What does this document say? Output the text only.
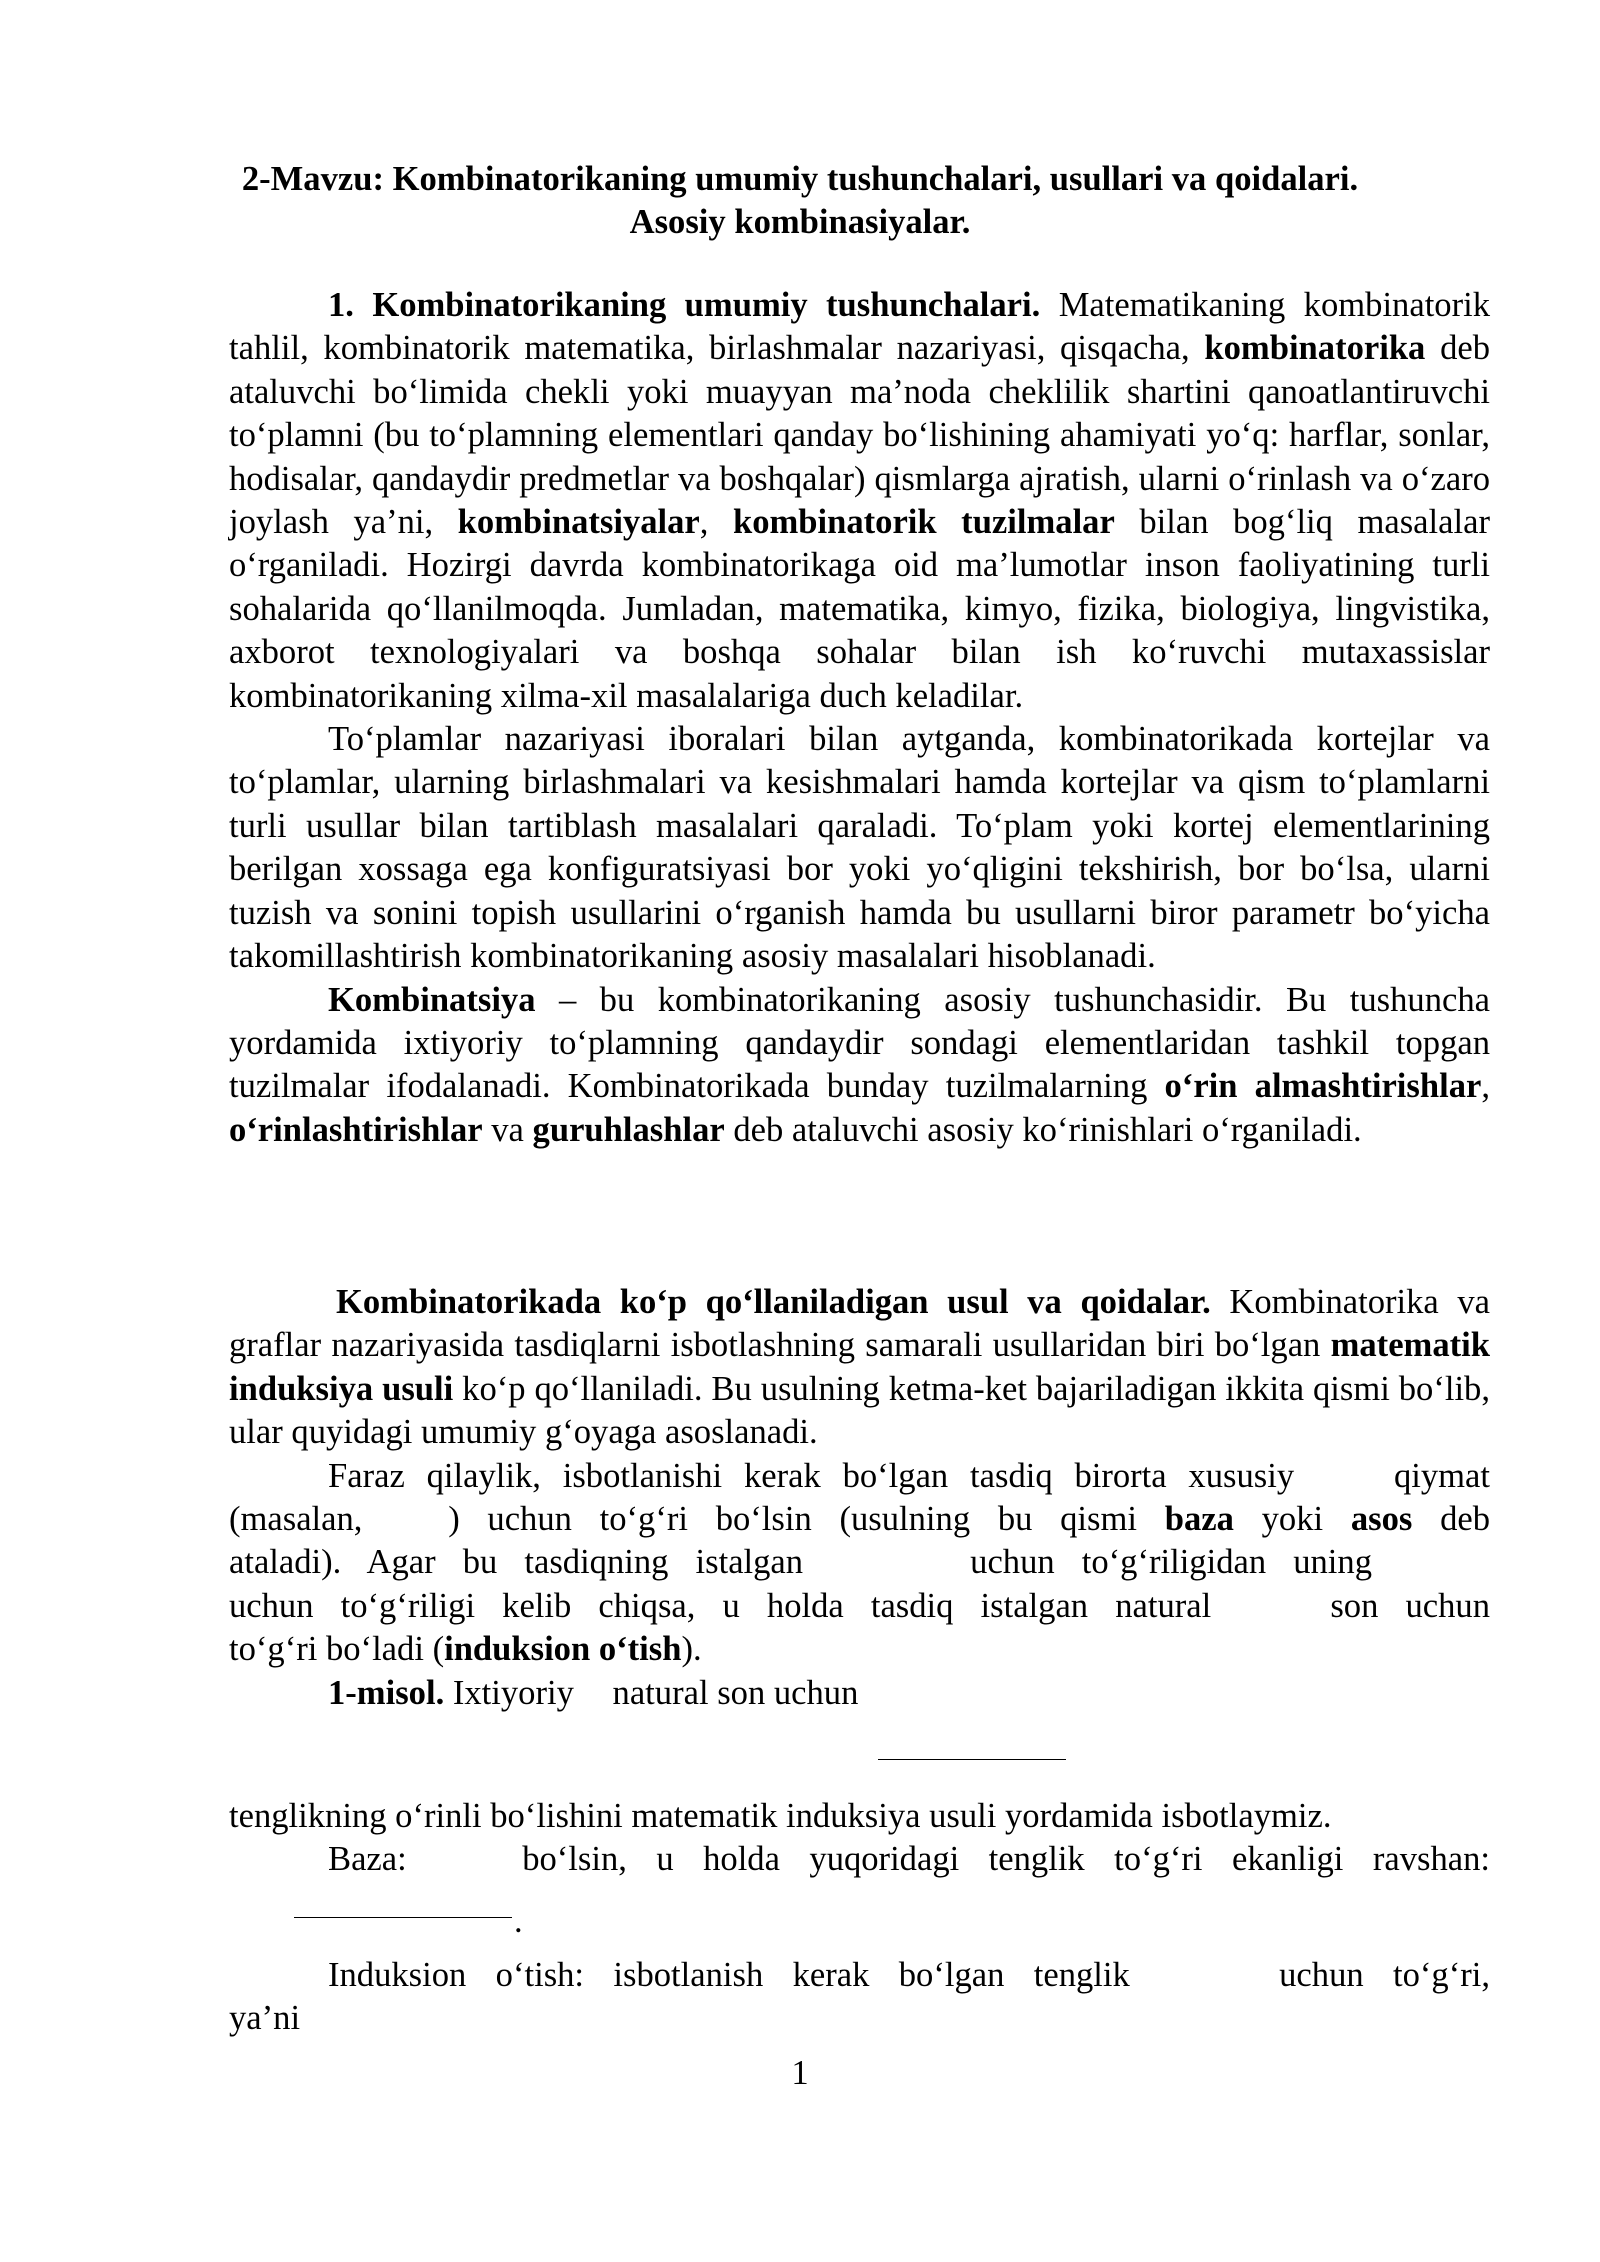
2-Mavzu: Kombinatorikaning umumiy tushunchalari, usullari va qoidalari.

Asosiy kombinasiyalar.

1. Kombinatorikaning umumiy tushunchalari. Matematikaning kombinatorik tahlil, kombinatorik matematika, birlashmalar nazariyasi, qisqacha, kombinatorika deb ataluvchi bo‘limida chekli yoki muayyan ma’noda cheklilik shartini qanoatlantiruvchi to‘plamni (bu to‘plamning elementlari qanday bo‘lishining ahamiyati yo‘q: harflar, sonlar, hodisalar, qandaydir predmetlar va boshqalar) qismlarga ajratish, ularni o‘rinlash va o‘zaro joylash ya’ni, kombinatsiyalar, kombinatorik tuzilmalar bilan bog‘liq masalalar o‘rganiladi. Hozirgi davrda kombinatorikaga oid ma’lumotlar inson faoliyatining turli sohalarida qo‘llanilmoqda. Jumladan, matematika, kimyo, fizika, biologiya, lingvistika, axborot texnologiyalari va boshqa sohalar bilan ish ko‘ruvchi mutaxassislar kombinatorikaning xilma-xil masalalariga duch keladilar.

To‘plamlar nazariyasi iboralari bilan aytganda, kombinatorikada kortejlar va to‘plamlar, ularning birlashmalari va kesishmalari hamda kortejlar va qism to‘plamlarni turli usullar bilan tartiblash masalalari qaraladi. To‘plam yoki kortej elementlarining berilgan xossaga ega konfiguratsiyasi bor yoki yo‘qligini tekshirish, bor bo‘lsa, ularni tuzish va sonini topish usullarini o‘rganish hamda bu usullarni biror parametr bo‘yicha takomillashtirish kombinatorikaning asosiy masalalari hisoblanadi.

Kombinatsiya – bu kombinatorikaning asosiy tushunchasidir. Bu tushuncha yordamida ixtiyoriy to‘plamning qandaydir sondagi elementlaridan tashkil topgan tuzilmalar ifodalanadi. Kombinatorikada bunday tuzilmalarning o‘rin almashtirishlar, o‘rinlashtirishlar va guruhlashlar deb ataluvchi asosiy ko‘rinishlari o‘rganiladi.

Kombinatorikada ko‘p qo‘llaniladigan usul va qoidalar. Kombinatorika va graflar nazariyasida tasdiqlarni isbotlashning samarali usullaridan biri bo‘lgan matematik induksiya usuli ko‘p qo‘llaniladi. Bu usulning ketma-ket bajariladigan ikkita qismi bo‘lib, ular quyidagi umumiy g‘oyaga asoslanadi.

Faraz qilaylik, isbotlanishi kerak bo‘lgan tasdiq birorta xususiy	qiymat
(masalan, ) uchun to‘g‘ri bo‘lsin (usulning bu qismi baza yoki asos deb
ataladi). Agar bu tasdiqning istalgan	uchun to‘g‘riligidan uning
uchun to‘g‘riligi kelib chiqsa, u holda tasdiq istalgan natural	son uchun
to‘g‘ri bo‘ladi (induksion o‘tish).
1-misol. Ixtiyoriy natural son uchun

tenglikning o‘rinli bo‘lishini matematik induksiya usuli yordamida isbotlaymiz.

Baza:	bo‘lsin, u holda yuqoridagi tenglik to‘g‘ri ekanligi ravshan:

.

Induksion o‘tish: isbotlanish kerak bo‘lgan tenglik	uchun to‘g‘ri,
ya’ni

1
